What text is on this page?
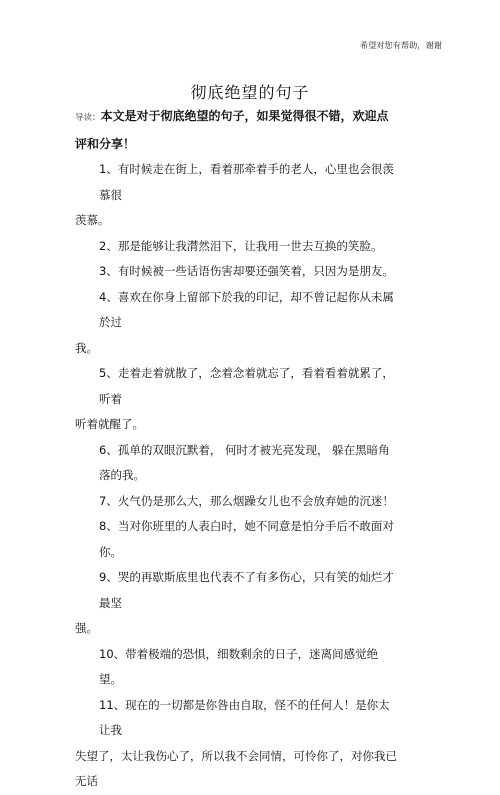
希望对您有帮助，谢谢
彻底绝望的句子
导读：本文是对于彻底绝望的句子，如果觉得很不错，欢迎点
评和分享！
1、有时候走在街上，看着那牵着手的老人，心里也会很羡慕很
羡慕。
2、那是能够让我潸然泪下，让我用一世去互换的笑脸。
3、有时候被一些话语伤害却要还强笑着，只因为是朋友。
4、喜欢在你身上留部下於我的印记，却不曾记起你从未属於过
我。
5、走着走着就散了，念着念着就忘了，看着看着就累了，听着
听着就醒了。
6、孤单的双眼沉默着， 何时才被光亮发现， 躲在黑暗角落的我。
7、火气仍是那么大，那么烟躁女儿也不会放弃她的沉迷！
8、当对你班里的人表白时，她不同意是怕分手后不敢面对你。
9、哭的再歇斯底里也代表不了有多伤心，只有笑的灿烂才最坚
强。
10、带着极端的恐惧，细数剩余的日子，迷离间感觉绝望。
11、现在的一切都是你咎由自取，怪不的任何人！是你太让我
失望了，太让我伤心了，所以我不会同情，可怜你了，对你我已无话
